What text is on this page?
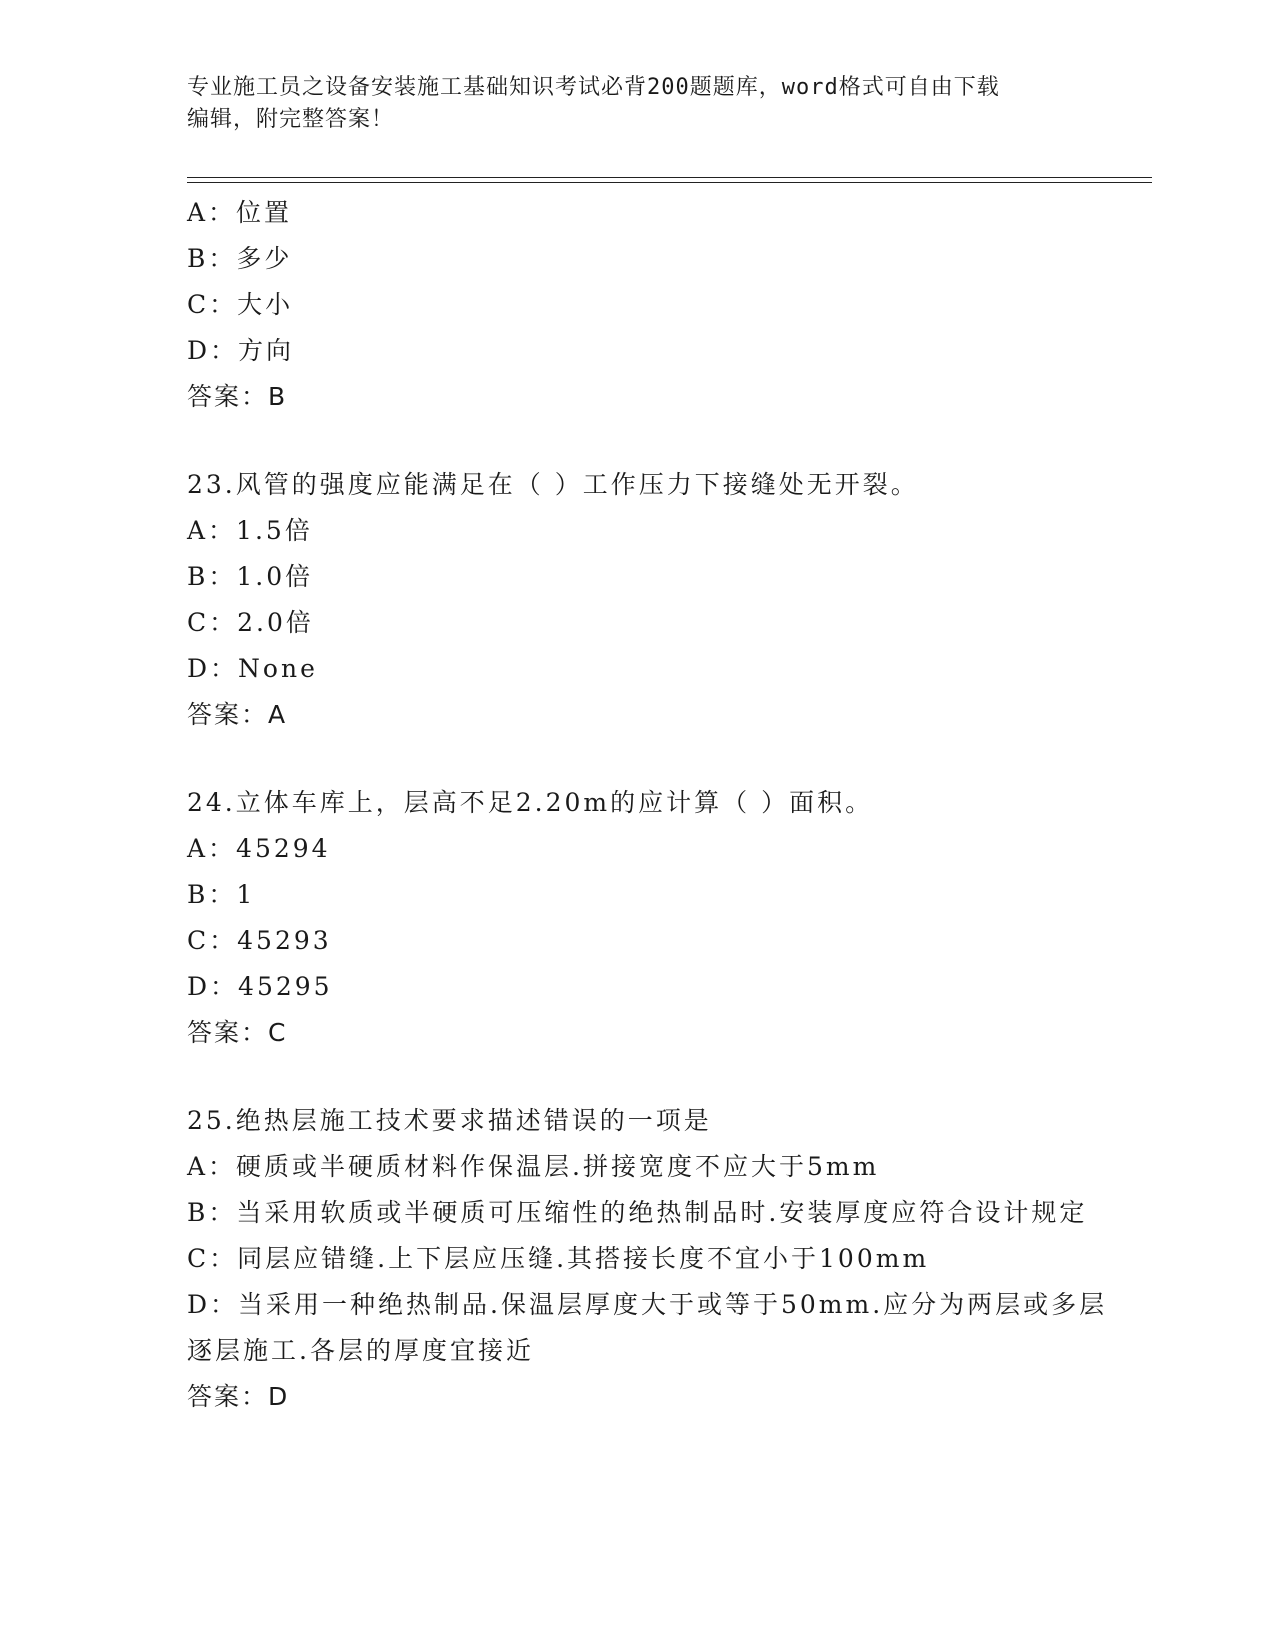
专业施工员之设备安装施工基础知识考试必背200题题库，word格式可自由下载
编辑，附完整答案！
A：位置
B：多少
C：大小
D：方向
答案：B
23.风管的强度应能满足在（ ）工作压力下接缝处无开裂。
A：1.5倍
B：1.0倍
C：2.0倍
D：None
答案：A
24.立体车库上，层高不足2.20m的应计算（ ）面积。
A：45294
B：1
C：45293
D：45295
答案：C
25.绝热层施工技术要求描述错误的一项是
A：硬质或半硬质材料作保温层.拼接宽度不应大于5mm
B：当采用软质或半硬质可压缩性的绝热制品时.安装厚度应符合设计规定
C：同层应错缝.上下层应压缝.其搭接长度不宜小于100mm
D：当采用一种绝热制品.保温层厚度大于或等于50mm.应分为两层或多层逐层施工.各层的厚度宜接近
答案：D
